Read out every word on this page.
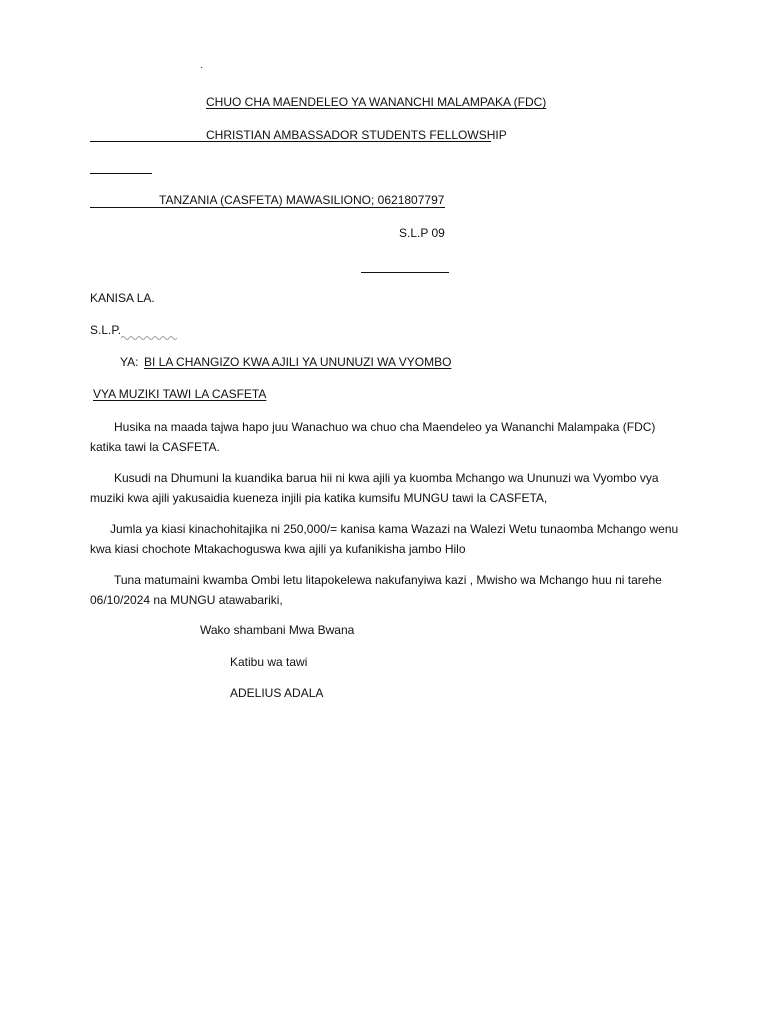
·
CHUO CHA MAENDELEO YA WANANCHI MALAMPAKA (FDC)
CHRISTIAN AMBASSADOR STUDENTS FELLOWSHIP
TANZANIA (CASFETA) MAWASILIONO; 0621807797
S.L.P 09
KANISA LA.
S.L.P.
YA: BI LA CHANGIZO KWA AJILI YA UNUNUZI WA VYOMBO
VYA MUZIKI TAWI LA CASFETA
Husika na maada tajwa hapo juu Wanachuo wa chuo cha Maendeleo ya Wananchi Malampaka (FDC) katika tawi la CASFETA.
Kusudi na Dhumuni la kuandika barua hii ni kwa ajili ya kuomba Mchango wa Ununuzi wa Vyombo vya muziki kwa ajili yakusaidia kueneza injili pia katika kumsifu MUNGU tawi la CASFETA,
Jumla ya kiasi kinachohitajika ni 250,000/= kanisa kama Wazazi na Walezi Wetu tunaomba Mchango wenu kwa kiasi chochote Mtakachoguswa kwa ajili ya kufanikisha jambo Hilo
Tuna matumaini kwamba Ombi letu litapokelewa nakufanyiwa kazi , Mwisho wa Mchango huu ni tarehe 06/10/2024 na MUNGU atawabariki,
Wako shambani Mwa Bwana
Katibu wa tawi
ADELIUS ADALA
